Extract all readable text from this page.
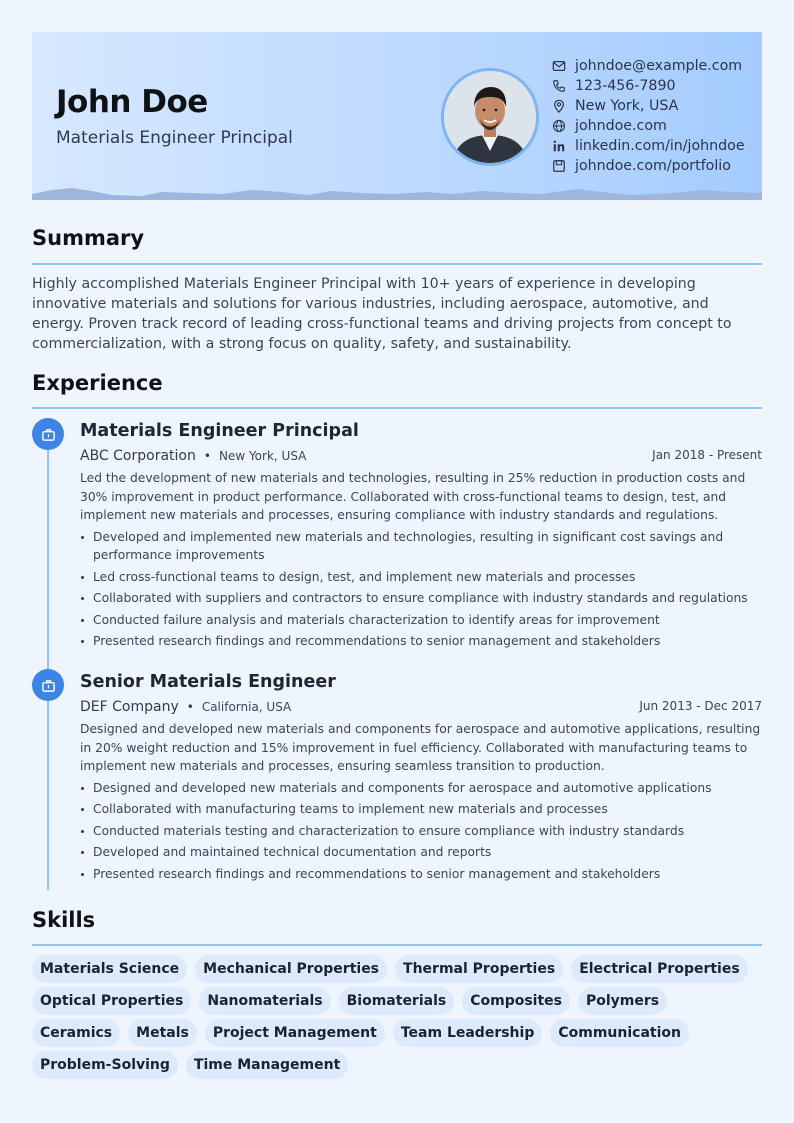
John Doe

Materials Engineer Principal

johndoe@example.com
123-456-7890
New York, USA
johndoe.com
linkedin.com/in/johndoe
johndoe.com/portfolio
Summary

Highly accomplished Materials Engineer Principal with 10+ years of experience in developing innovative materials and solutions for various industries, including aerospace, automotive, and energy. Proven track record of leading cross-functional teams and driving projects from concept to commercialization, with a strong focus on quality, safety, and sustainability.

Experience
Materials Engineer Principal
ABC Corporation • New York, USA	Jan 2018 - Present

Led the development of new materials and technologies, resulting in 25% reduction in production costs and 30% improvement in product performance. Collaborated with cross-functional teams to design, test, and implement new materials and processes, ensuring compliance with industry standards and regulations.

Developed and implemented new materials and technologies, resulting in significant cost savings and performance improvements
Led cross-functional teams to design, test, and implement new materials and processes
Collaborated with suppliers and contractors to ensure compliance with industry standards and regulations
Conducted failure analysis and materials characterization to identify areas for improvement
Presented research findings and recommendations to senior management and stakeholders
Senior Materials Engineer
DEF Company • California, USA	Jun 2013 - Dec 2017

Designed and developed new materials and components for aerospace and automotive applications, resulting in 20% weight reduction and 15% improvement in fuel efficiency. Collaborated with manufacturing teams to implement new materials and processes, ensuring seamless transition to production.

Designed and developed new materials and components for aerospace and automotive applications
Collaborated with manufacturing teams to implement new materials and processes
Conducted materials testing and characterization to ensure compliance with industry standards
Developed and maintained technical documentation and reports
Presented research findings and recommendations to senior management and stakeholders
Skills
Materials Science	Mechanical Properties	Thermal Properties	Electrical Properties
Optical Properties	Nanomaterials	Biomaterials	Composites	Polymers
Ceramics	Metals	Project Management	Team Leadership	Communication
Problem-Solving	Time Management
